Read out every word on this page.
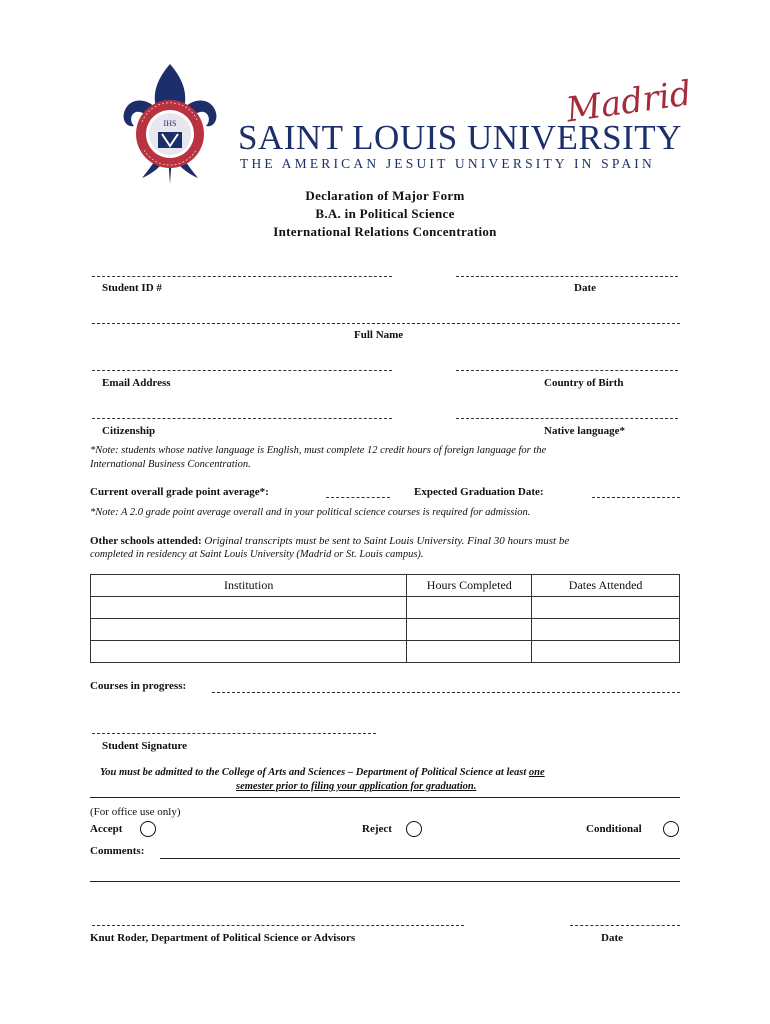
IHS	Madrid
SAINT LOUIS UNIVERSITY
THE AMERICAN JESUIT UNIVERSITY IN SPAIN
Declaration of Major Form
B.A. in Political Science
International Relations Concentration
Student ID #	Date
Full Name
Email Address	Country of Birth
Citizenship	Native language*
*Note: students whose native language is English, must complete 12 credit hours of foreign language for the
International Business Concentration.
Current overall grade point average*:	Expected Graduation Date:
*Note: A 2.0 grade point average overall and in your political science courses is required for admission.
Other schools attended: Original transcripts must be sent to Saint Louis University. Final 30 hours must be
completed in residency at Saint Louis University (Madrid or St. Louis campus).
Institution	Hours Completed	Dates Attended

Courses in progress:
Student Signature
You must be admitted to the College of Arts and Sciences – Department of Political Science at least one
semester prior to filing your application for graduation.
(For office use only)
Accept	Reject	Conditional
Comments:
Knut Roder, Department of Political Science or Advisors	Date
